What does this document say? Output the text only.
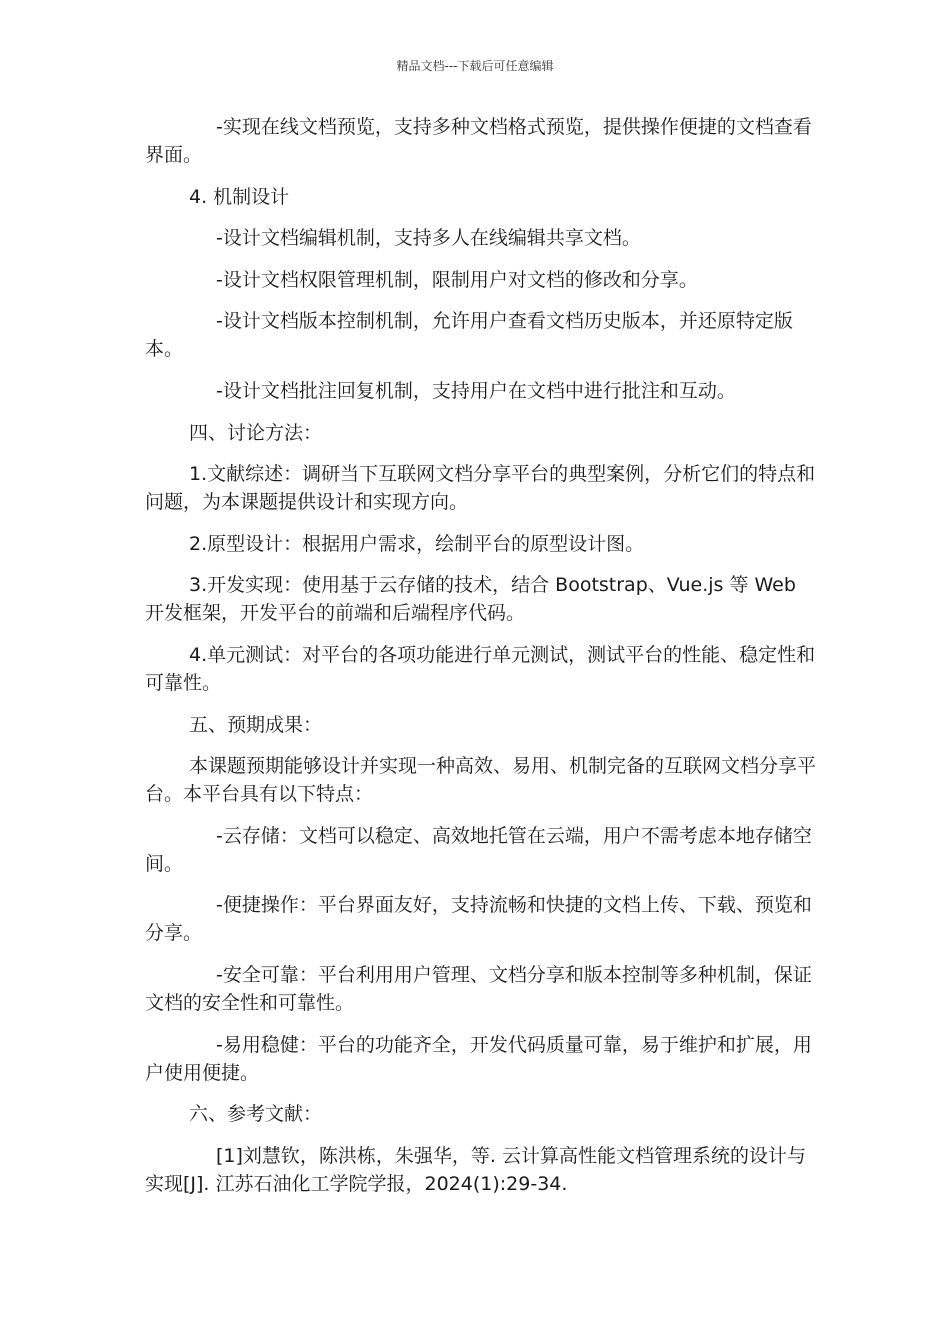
精品文档---下载后可任意编辑

-实现在线文档预览，支持多种文档格式预览，提供操作便捷的文档查看界面。

4. 机制设计

-设计文档编辑机制，支持多人在线编辑共享文档。

-设计文档权限管理机制，限制用户对文档的修改和分享。

-设计文档版本控制机制，允许用户查看文档历史版本，并还原特定版本。

-设计文档批注回复机制，支持用户在文档中进行批注和互动。

四、讨论方法：

1.文献综述：调研当下互联网文档分享平台的典型案例，分析它们的特点和问题，为本课题提供设计和实现方向。

2.原型设计：根据用户需求，绘制平台的原型设计图。

3.开发实现：使用基于云存储的技术，结合 Bootstrap、Vue.js 等 Web 开发框架，开发平台的前端和后端程序代码。

4.单元测试：对平台的各项功能进行单元测试，测试平台的性能、稳定性和可靠性。

五、预期成果：

本课题预期能够设计并实现一种高效、易用、机制完备的互联网文档分享平台。本平台具有以下特点：

-云存储：文档可以稳定、高效地托管在云端，用户不需考虑本地存储空间。

-便捷操作：平台界面友好，支持流畅和快捷的文档上传、下载、预览和分享。

-安全可靠：平台利用用户管理、文档分享和版本控制等多种机制，保证文档的安全性和可靠性。

-易用稳健：平台的功能齐全，开发代码质量可靠，易于维护和扩展，用户使用便捷。

六、参考文献：

[1]刘慧钦，陈洪栋，朱强华，等. 云计算高性能文档管理系统的设计与实现[J]. 江苏石油化工学院学报，2024(1):29-34.
